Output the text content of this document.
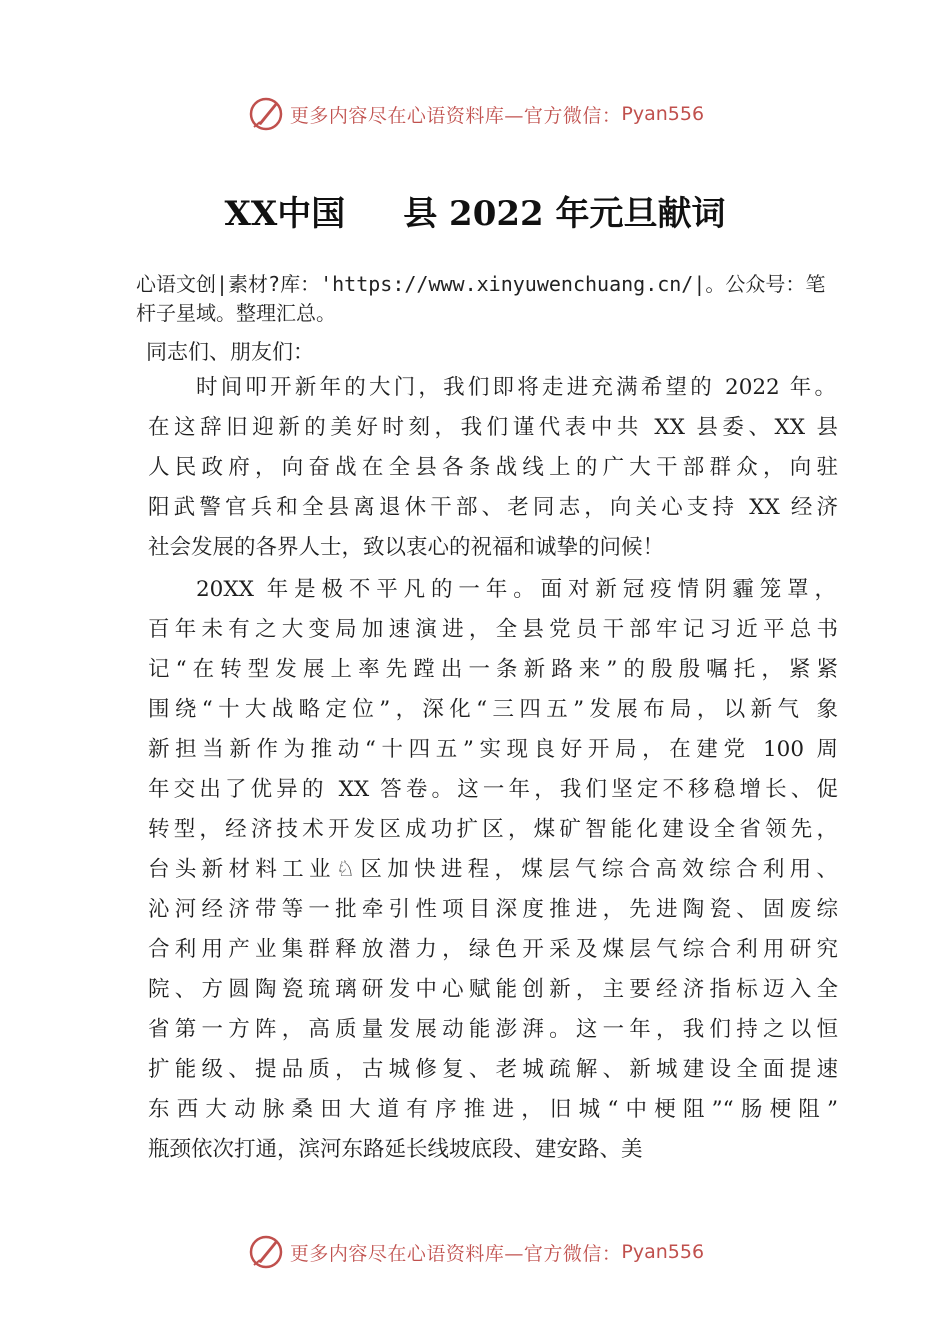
更多内容尽在心语资料库—官方微信： Pyan556
XX中国 县 2022 年元旦献词
心语文创|素材?库：'https://www.xinyuwenchuang.cn/|。公众号：笔杆子星域。整理汇总。
同志们、朋友们：
时间叩开新年的大门，我们即将走进充满希望的 2022 年。
在这辞旧迎新的美好时刻，我们谨代表中共 XX 县委、XX 县
人民政府，向奋战在全县各条战线上的广大干部群众，向驻
阳武警官兵和全县离退休干部、老同志，向关心支持 XX 经济
社会发展的各界人士，致以衷心的祝福和诚挚的问候！
20XX 年是极不平凡的一年。面对新冠疫情阴霾笼罩，
百年未有之大变局加速演进，全县党员干部牢记习近平总书
记“在转型发展上率先蹚出一条新路来”的殷殷嘱托，紧紧
围绕“十大战略定位”，深化“三四五”发展布局，以新气 象
新担当新作为推动“十四五”实现良好开局，在建党 100 周
年交出了优异的 XX 答卷。这一年，我们坚定不移稳增长、促
转型，经济技术开发区成功扩区，煤矿智能化建设全省领先，
台头新材料工业♘区加快进程，煤层气综合高效综合利用、
沁河经济带等一批牵引性项目深度推进，先进陶瓷、固废综
合利用产业集群释放潜力，绿色开采及煤层气综合利用研究
院、方圆陶瓷琉璃研发中心赋能创新，主要经济指标迈入全
省第一方阵，高质量发展动能澎湃。这一年，我们持之以恒
扩能级、提品质，古城修复、老城疏解、新城建设全面提速
东西大动脉桑田大道有序推进，旧城“中梗阻”“肠梗阻”
瓶颈依次打通，滨河东路延长线坡底段、建安路、美
更多内容尽在心语资料库—官方微信： Pyan556
